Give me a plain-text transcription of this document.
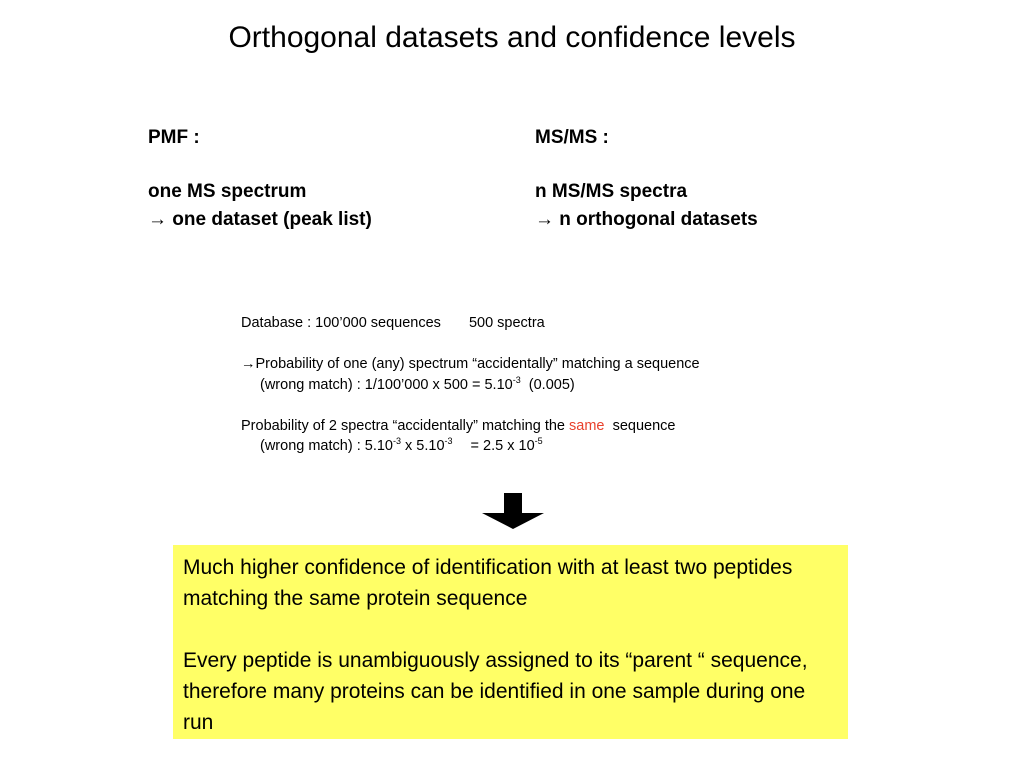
Orthogonal datasets and confidence levels
PMF :
one MS spectrum
→ one dataset (peak list)
MS/MS :
n MS/MS spectra
→ n orthogonal datasets
Database : 100’000 sequences 500 spectra
→Probability of one (any) spectrum “accidentally” matching a sequence
(wrong match) : 1/100’000 x $500 = 5.10^{-3}$ (0.005)
Probability of 2 spectra “accidentally” matching the same sequence
(wrong match) : $5.10^{-3}$ x $5.10^{-3} = 2.5$ x $10^{-5}$

Much higher confidence of identification with at least two peptides matching the same protein sequence

Every peptide is unambiguously assigned to its “parent “ sequence, therefore many proteins can be identified in one sample during one run
